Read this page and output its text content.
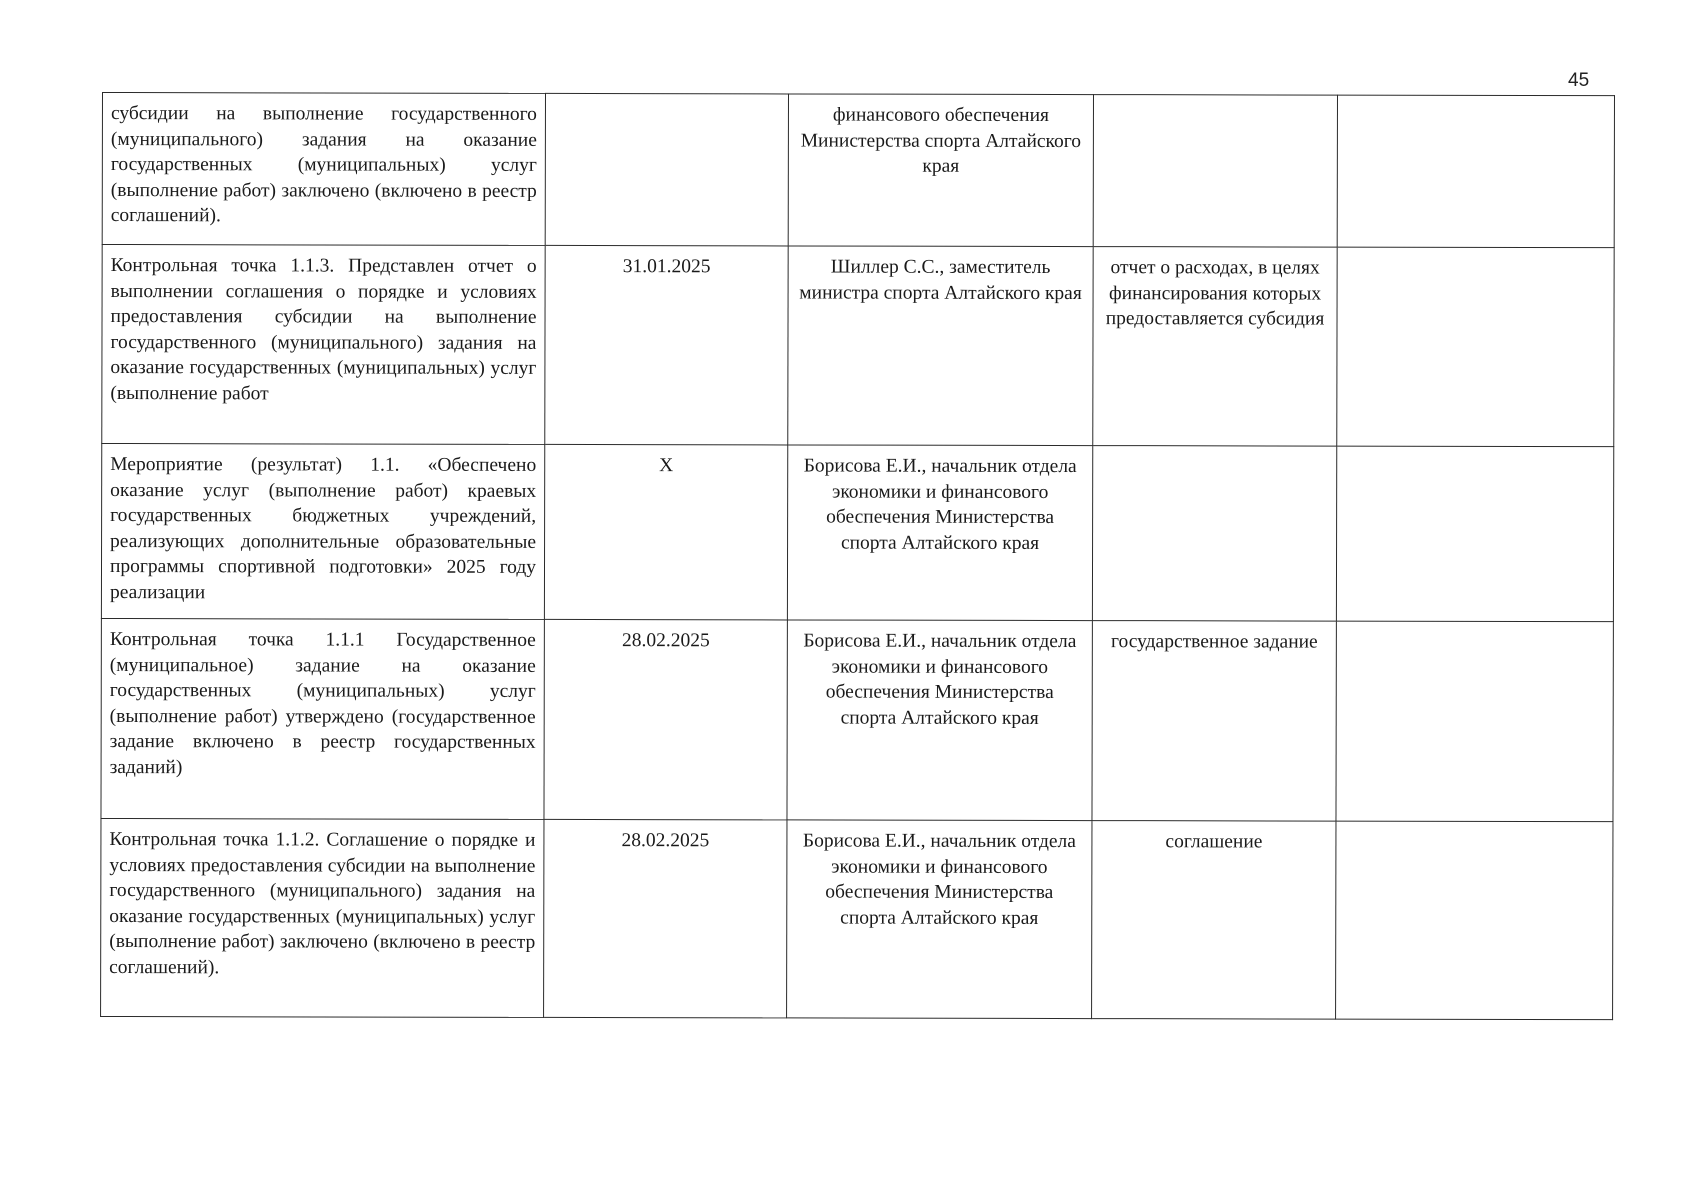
45
субсидии на выполнение государственного (муниципального) задания на оказание государственных (муниципальных) услуг (выполнение работ) заключено (включено в реестр соглашений).		финансового обеспечения Министерства спорта Алтайского края		
Контрольная точка 1.1.3. Представлен отчет о выполнении соглашения о порядке и условиях предоставления субсидии на выполнение государственного (муниципального) задания на оказание государственных (муниципальных) услуг (выполнение работ	31.01.2025	Шиллер С.С., заместитель министра спорта Алтайского края	отчет о расходах, в целях финансирования которых предоставляется субсидия	
Мероприятие (результат) 1.1. «Обеспечено оказание услуг (выполнение работ) краевых государственных бюджетных учреждений, реализующих дополнительные образовательные программы спортивной подготовки» 2025 году реализации	X	Борисова Е.И., начальник отдела экономики и финансового обеспечения Министерства спорта Алтайского края		
Контрольная точка 1.1.1 Государственное (муниципальное) задание на оказание государственных (муниципальных) услуг (выполнение работ) утверждено (государственное задание включено в реестр государственных заданий)	28.02.2025	Борисова Е.И., начальник отдела экономики и финансового обеспечения Министерства спорта Алтайского края	государственное задание	
Контрольная точка 1.1.2. Соглашение о порядке и условиях предоставления субсидии на выполнение государственного (муниципального) задания на оказание государственных (муниципальных) услуг (выполнение работ) заключено (включено в реестр соглашений).	28.02.2025	Борисова Е.И., начальник отдела экономики и финансового обеспечения Министерства спорта Алтайского края	соглашение	
